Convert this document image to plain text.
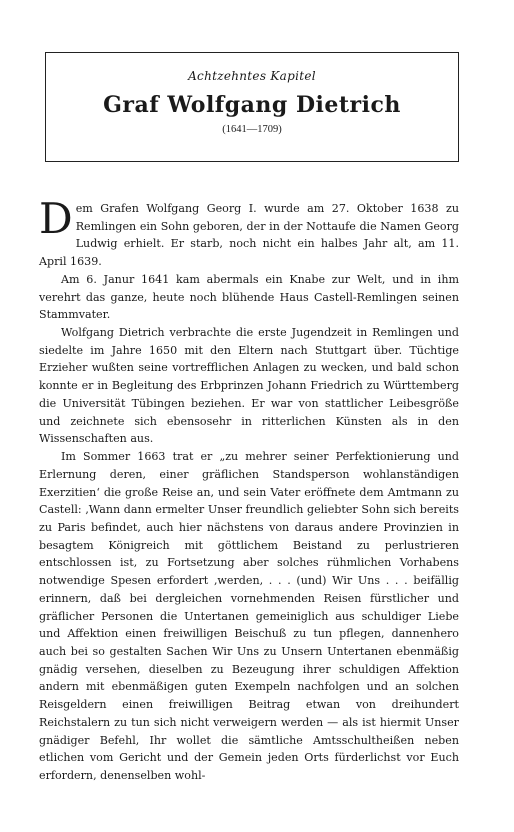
Achtzehntes Kapitel
Graf Wolfgang Dietrich
(1641—1709)

Dem Grafen Wolfgang Georg I. wurde am 27. Oktober 1638 zu Remlingen ein Sohn geboren, der in der Nottaufe die Namen Georg Ludwig erhielt. Er starb, noch nicht ein halbes Jahr alt, am 11. April 1639.

Am 6. Janur 1641 kam abermals ein Knabe zur Welt, und in ihm verehrt das ganze, heute noch blühende Haus Castell-Remlingen seinen Stammvater.

Wolfgang Dietrich verbrachte die erste Jugendzeit in Remlingen und siedelte im Jahre 1650 mit den Eltern nach Stuttgart über. Tüchtige Erzieher wußten seine vortrefflichen Anlagen zu wecken, und bald schon konnte er in Begleitung des Erbprinzen Johann Friedrich zu Württemberg die Universität Tübingen beziehen. Er war von stattlicher Leibesgröße und zeichnete sich ebensosehr in ritterlichen Künsten als in den Wissenschaften aus.

Im Sommer 1663 trat er „zu mehrer seiner Perfektionierung und Erlernung deren, einer gräflichen Standsperson wohlanständigen Exerzitien‘ die große Reise an, und sein Vater eröffnete dem Amtmann zu Castell: ‚Wann dann ermelter Unser freundlich geliebter Sohn sich bereits zu Paris befindet, auch hier nächstens von daraus andere Provinzien in besagtem Königreich mit göttlichem Beistand zu perlustrieren entschlossen ist, zu Fortsetzung aber solches rühmlichen Vorhabens notwendige Spesen erfordert ‚werden, . . . (und) Wir Uns . . . beifällig erinnern, daß bei dergleichen vornehmenden Reisen fürstlicher und gräflicher Personen die Untertanen gemeiniglich aus schuldiger Liebe und Affektion einen freiwilligen Beischuß zu tun pflegen, dannenhero auch bei so gestalten Sachen Wir Uns zu Unsern Untertanen ebenmäßig gnädig versehen, dieselben zu Bezeugung ihrer schuldigen Affektion andern mit ebenmäßigen guten Exempeln nachfolgen und an solchen Reisgeldern einen freiwilligen Beitrag etwan von dreihundert Reichstalern zu tun sich nicht verweigern werden — als ist hiermit Unser gnädiger Befehl, Ihr wollet die sämtliche Amtsschultheißen neben etlichen vom Gericht und der Gemein jeden Orts fürderlichst vor Euch erfordern, denenselben wohl-
